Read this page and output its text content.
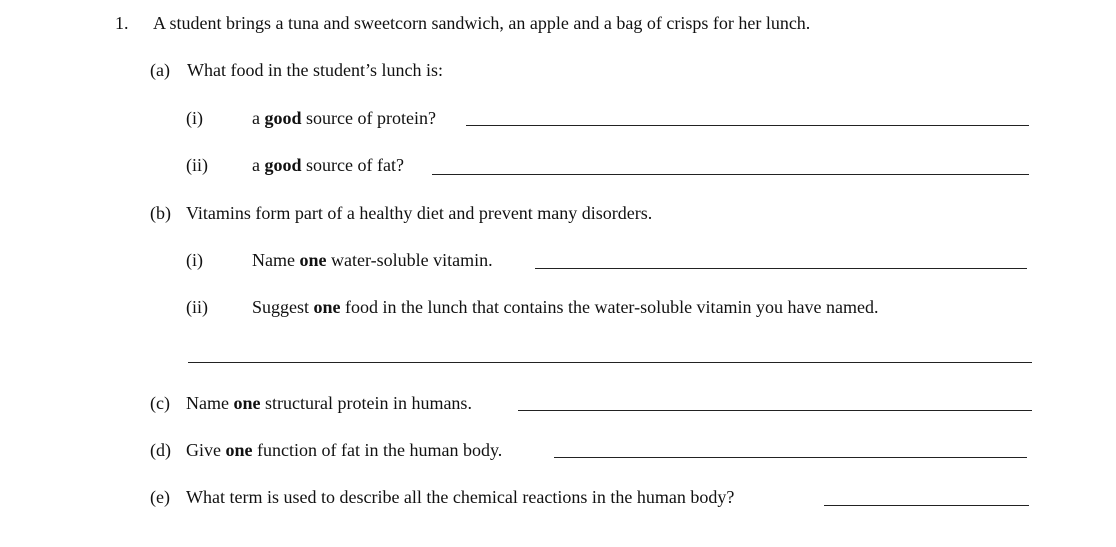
1. A student brings a tuna and sweetcorn sandwich, an apple and a bag of crisps for her lunch.
(a) What food in the student’s lunch is:
(i)	a good source of protein?
(ii) a good source of fat?
(b) Vitamins form part of a healthy diet and prevent many disorders.
(i)	Name one water-soluble vitamin.
(ii) Suggest one food in the lunch that contains the water-soluble vitamin you have named.
(c) Name one structural protein in humans.
(d) Give one function of fat in the human body.
(e) What term is used to describe all the chemical reactions in the human body?
